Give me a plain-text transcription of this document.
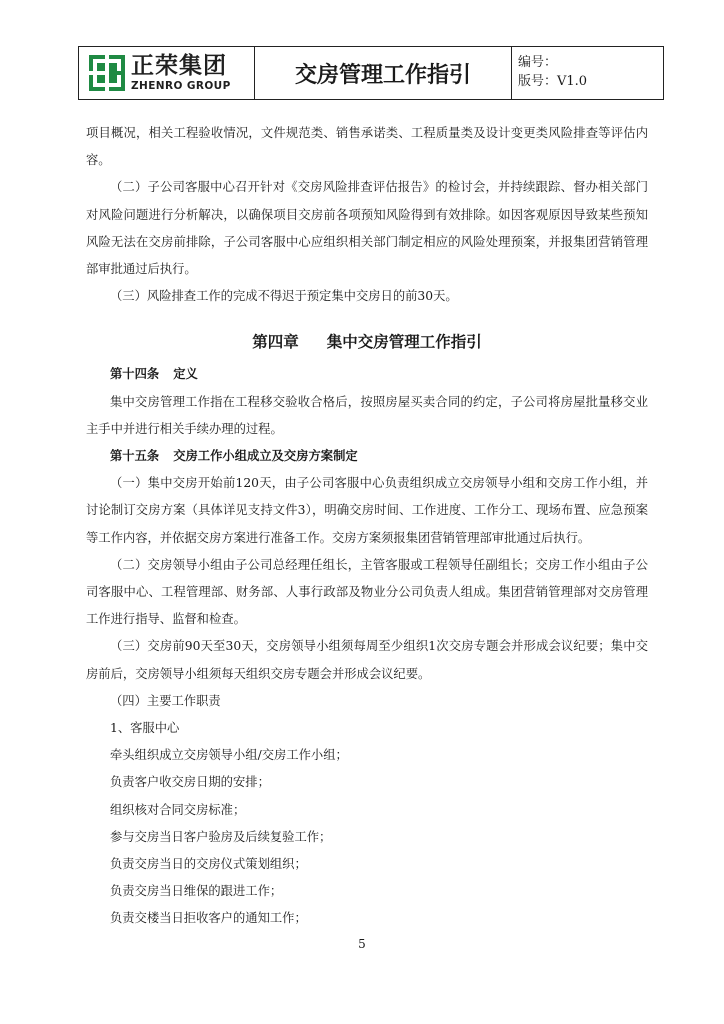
正荣集团
ZHENRO GROUP	交房管理工作指引	编号：
版号： V1.0

项目概况，相关工程验收情况，文件规范类、销售承诺类、工程质量类及设计变更类风险排查等评估内容。

（二）子公司客服中心召开针对《交房风险排查评估报告》的检讨会，并持续跟踪、督办相关部门对风险问题进行分析解决，以确保项目交房前各项预知风险得到有效排除。如因客观原因导致某些预知风险无法在交房前排除，子公司客服中心应组织相关部门制定相应的风险处理预案，并报集团营销管理部审批通过后执行。

（三）风险排查工作的完成不得迟于预定集中交房日的前30天。

第四章 集中交房管理工作指引

第十四条 定义

集中交房管理工作指在工程移交验收合格后，按照房屋买卖合同的约定，子公司将房屋批量移交业主手中并进行相关手续办理的过程。

第十五条 交房工作小组成立及交房方案制定

（一）集中交房开始前120天，由子公司客服中心负责组织成立交房领导小组和交房工作小组，并讨论制订交房方案（具体详见支持文件3），明确交房时间、工作进度、工作分工、现场布置、应急预案等工作内容，并依据交房方案进行准备工作。交房方案须报集团营销管理部审批通过后执行。

（二）交房领导小组由子公司总经理任组长，主管客服或工程领导任副组长；交房工作小组由子公司客服中心、工程管理部、财务部、人事行政部及物业分公司负责人组成。集团营销管理部对交房管理工作进行指导、监督和检查。

（三）交房前90天至30天，交房领导小组须每周至少组织1次交房专题会并形成会议纪要；集中交房前后，交房领导小组须每天组织交房专题会并形成会议纪要。

（四）主要工作职责

1、客服中心

牵头组织成立交房领导小组/交房工作小组；

负责客户收交房日期的安排；

组织核对合同交房标准；

参与交房当日客户验房及后续复验工作；

负责交房当日的交房仪式策划组织；

负责交房当日维保的跟进工作；

负责交楼当日拒收客户的通知工作；

5
